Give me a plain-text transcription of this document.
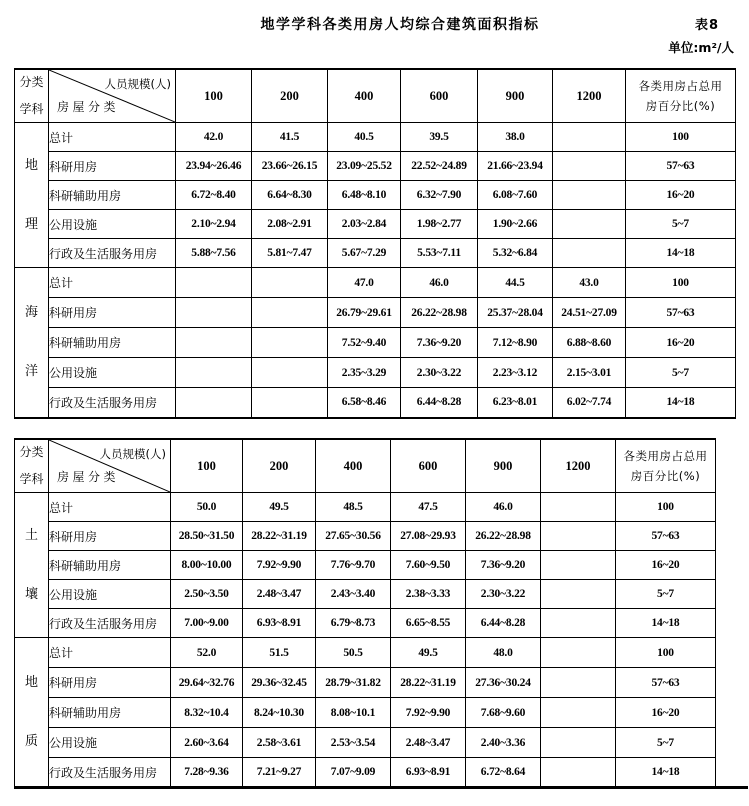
地学学科各类用房人均综合建筑面积指标	表8
单位:m²/人
分类
学科

人员规模(人)
房屋分类
	100	200	400	600	900	1200	
各类用房占总用
房百分比(%)

地
理	总计	42.0	41.5	40.5	39.5	38.0		100
	科研用房	23.94~26.46	23.66~26.15	23.09~25.52	22.52~24.89	21.66~23.94		57~63
	科研辅助用房	6.72~8.40	6.64~8.30	6.48~8.10	6.32~7.90	6.08~7.60		16~20
	公用设施	2.10~2.94	2.08~2.91	2.03~2.84	1.98~2.77	1.90~2.66		5~7
	行政及生活服务用房	5.88~7.56	5.81~7.47	5.67~7.29	5.53~7.11	5.32~6.84		14~18

海
洋	总计			47.0	46.0	44.5	43.0	100
	科研用房			26.79~29.61	26.22~28.98	25.37~28.04	24.51~27.09	57~63
	科研辅助用房			7.52~9.40	7.36~9.20	7.12~8.90	6.88~8.60	16~20
	公用设施			2.35~3.29	2.30~3.22	2.23~3.12	2.15~3.01	5~7
	行政及生活服务用房			6.58~8.46	6.44~8.28	6.23~8.01	6.02~7.74	14~18
分类
学科

人员规模(人)
房屋分类
	100	200	400	600	900	1200	
各类用房占总用
房百分比(%)

土
壤	总计	50.0	49.5	48.5	47.5	46.0		100
	科研用房	28.50~31.50	28.22~31.19	27.65~30.56	27.08~29.93	26.22~28.98		57~63
	科研辅助用房	8.00~10.00	7.92~9.90	7.76~9.70	7.60~9.50	7.36~9.20		16~20
	公用设施	2.50~3.50	2.48~3.47	2.43~3.40	2.38~3.33	2.30~3.22		5~7
	行政及生活服务用房	7.00~9.00	6.93~8.91	6.79~8.73	6.65~8.55	6.44~8.28		14~18

地
质	总计	52.0	51.5	50.5	49.5	48.0		100
	科研用房	29.64~32.76	29.36~32.45	28.79~31.82	28.22~31.19	27.36~30.24		57~63
	科研辅助用房	8.32~10.4	8.24~10.30	8.08~10.1	7.92~9.90	7.68~9.60		16~20
	公用设施	2.60~3.64	2.58~3.61	2.53~3.54	2.48~3.47	2.40~3.36		5~7
	行政及生活服务用房	7.28~9.36	7.21~9.27	7.07~9.09	6.93~8.91	6.72~8.64		14~18
